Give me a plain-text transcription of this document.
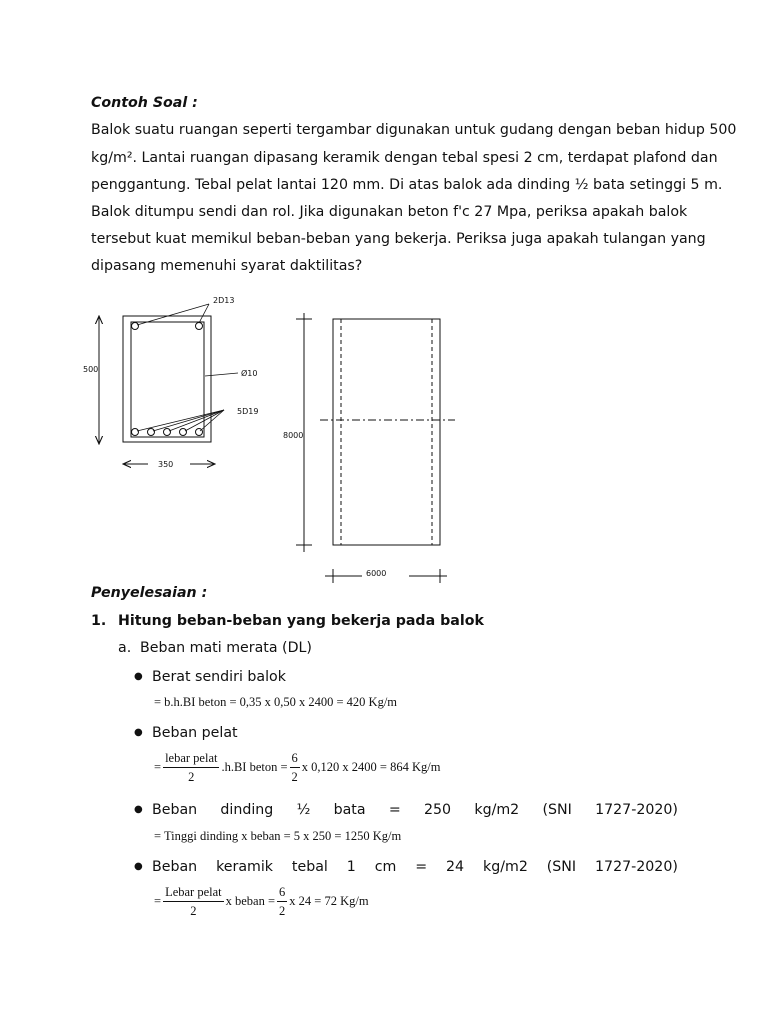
Contoh Soal :
Balok suatu ruangan seperti tergambar digunakan untuk gudang dengan beban hidup 500
kg/m². Lantai ruangan dipasang keramik dengan tebal spesi 2 cm, terdapat plafond dan
penggantung. Tebal pelat lantai 120 mm. Di atas balok ada dinding ½ bata setinggi 5 m.
Balok ditumpu sendi dan rol. Jika digunakan beton f'c 27 Mpa, periksa apakah balok
tersebut kuat memikul beban-beban yang bekerja. Periksa juga apakah tulangan yang
dipasang memenuhi syarat daktilitas?
2D13
500	Ø10
5D19
350
8000
6000
Penyelesaian :
1. Hitung beban-beban yang bekerja pada balok
a. Beban mati merata (DL)
● Berat sendiri balok
= b.h.BI beton = 0,35 x 0,50 x 2400 = 420 Kg/m
● Beban pelat
= $\frac{\text{lebar pelat}}{2} .h.BI$ beton = $\frac{6}{2}$ x 0,120 x 2400 = 864 Kg/m
● Beban dinding ½ bata = 250 kg/m2 (SNI 1727-2020)
= Tinggi dinding x beban = 5 x 250 = 1250 Kg/m
● Beban keramik tebal 1 cm = 24 kg/m2 (SNI 1727-2020)
= $\frac{\text{Lebar pelat}}{2}$ x beban = $\frac{6}{2}$ x 24 = 72 Kg/m
